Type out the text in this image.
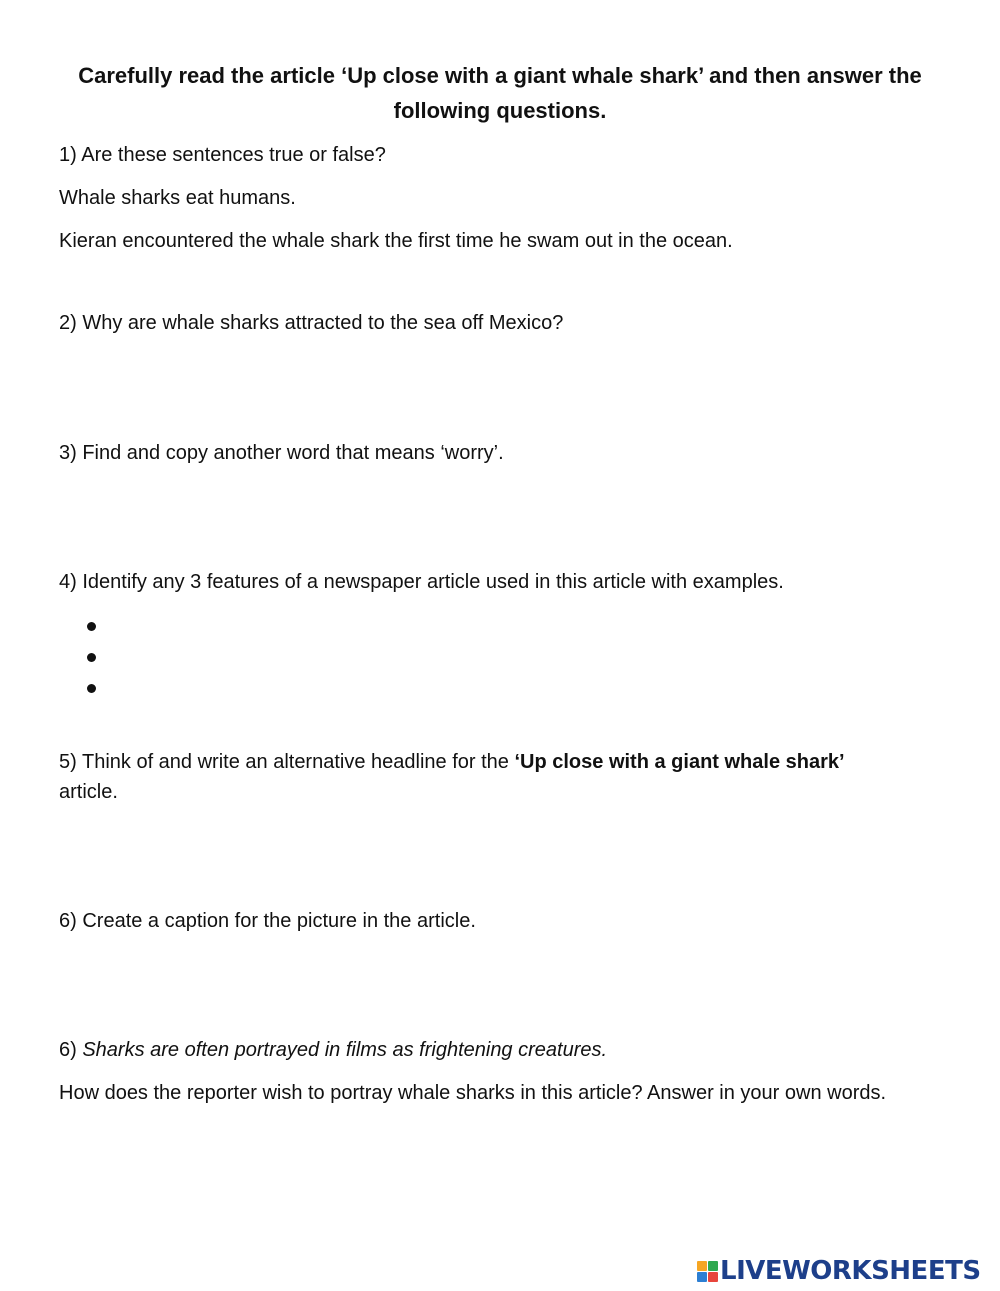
Carefully read the article ‘Up close with a giant whale shark’ and then answer the
following questions.
1) Are these sentences true or false?
Whale sharks eat humans.
Kieran encountered the whale shark the first time he swam out in the ocean.
2) Why are whale sharks attracted to the sea off Mexico?
3) Find and copy another word that means ‘worry’.
4) Identify any 3 features of a newspaper article used in this article with examples.
5) Think of and write an alternative headline for the ‘Up close with a giant whale shark’
article.
6) Create a caption for the picture in the article.
6) Sharks are often portrayed in films as frightening creatures.
How does the reporter wish to portray whale sharks in this article? Answer in your own words.
LIVEWORKSHEETS
